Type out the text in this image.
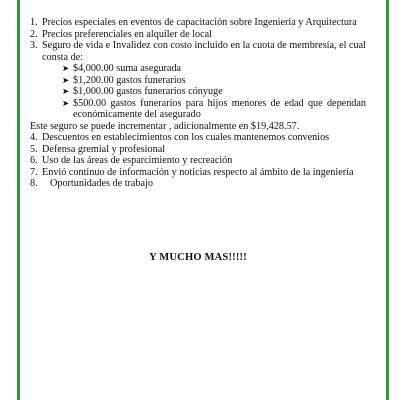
1. Precios especiales en eventos de capacitación sobre Ingenieria y Arquitectura
2. Precios preferenciales en alquiler de local
3. Seguro de vida e Invalidez con costo incluido en la cuota de membresía, el cual consta de:
➤ $4,000.00 suma asegurada
➤ $1,200.00 gastos funerarios
➤ $1,000.00 gastos funerarios cónyuge
➤ $500.00 gastos funerarios para hijos menores de edad que dependan económicamente del asegurado

Este seguro se puede incrementar , adicionalmente en $19,428.57.

4. Descuentos en establecimientos con los cuales mantenemos convenios
5. Defensa gremial y profesional
6. Uso de las áreas de esparcimiento y recreación
7. Envió continuo de información y noticias respecto al ámbito de la ingeniería
8. Oportunidades de trabajo
Y MUCHO MAS!!!!!
